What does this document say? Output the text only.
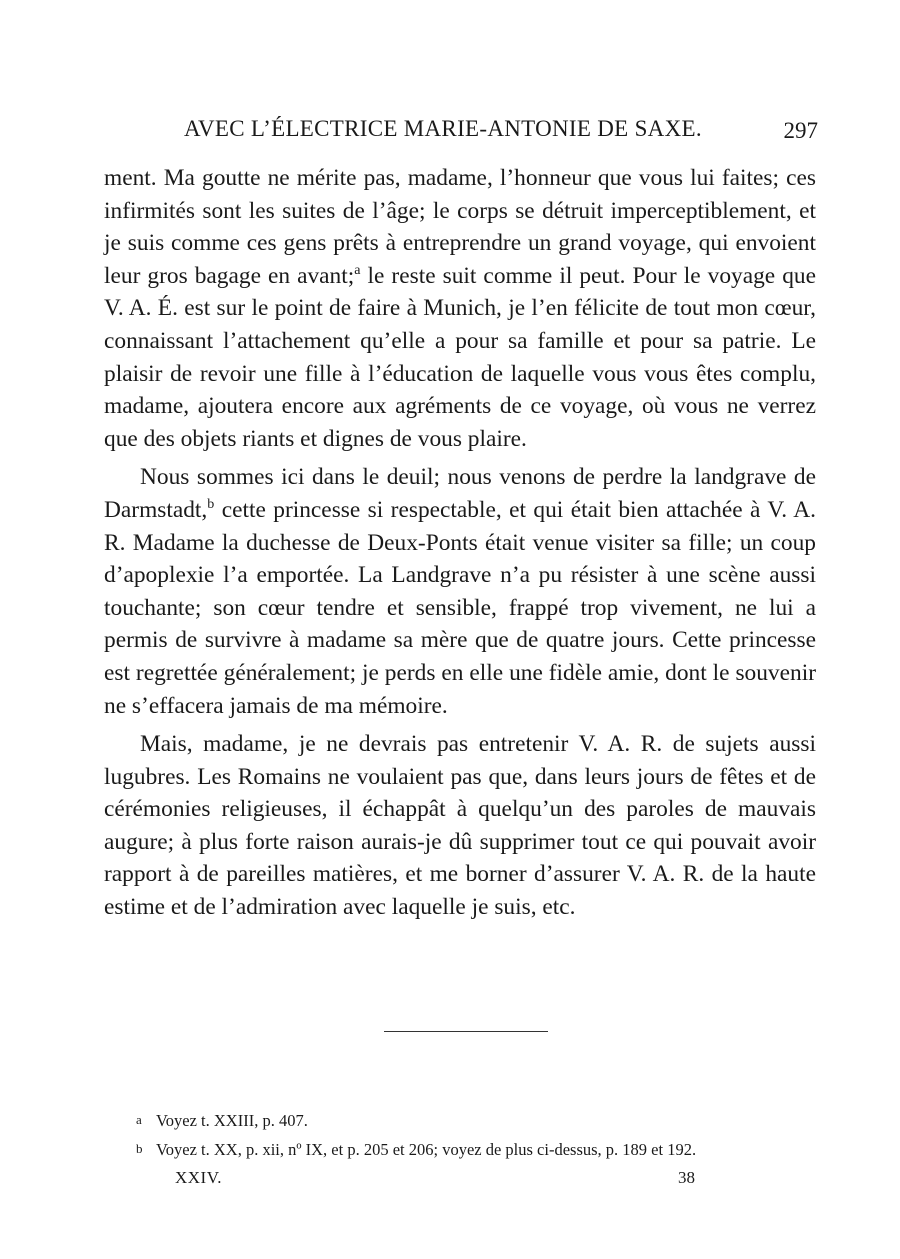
AVEC L’ÉLECTRICE MARIE-ANTONIE DE SAXE.	297

ment. Ma goutte ne mérite pas, madame, l’honneur que vous lui faites; ces infirmités sont les suites de l’âge; le corps se détruit imperceptiblement, et je suis comme ces gens prêts à entreprendre un grand voyage, qui envoient leur gros bagage en avant;$^a$ le reste suit comme il peut. Pour le voyage que V. A. É. est sur le point de faire à Munich, je l’en félicite de tout mon cœur, connaissant l’attachement qu’elle a pour sa famille et pour sa patrie. Le plaisir de revoir une fille à l’éducation de laquelle vous vous êtes complu, madame, ajoutera encore aux agréments de ce voyage, où vous ne verrez que des objets riants et dignes de vous plaire.

Nous sommes ici dans le deuil; nous venons de perdre la landgrave de Darmstadt,$^b$ cette princesse si respectable, et qui était bien attachée à V. A. R. Madame la duchesse de Deux-Ponts était venue visiter sa fille; un coup d’apoplexie l’a emportée. La Landgrave n’a pu résister à une scène aussi touchante; son cœur tendre et sensible, frappé trop vivement, ne lui a permis de survivre à madame sa mère que de quatre jours. Cette princesse est regrettée généralement; je perds en elle une fidèle amie, dont le souvenir ne s’effacera jamais de ma mémoire.

Mais, madame, je ne devrais pas entretenir V. A. R. de sujets aussi lugubres. Les Romains ne voulaient pas que, dans leurs jours de fêtes et de cérémonies religieuses, il échappât à quelqu’un des paroles de mauvais augure; à plus forte raison aurais-je dû supprimer tout ce qui pouvait avoir rapport à de pareilles matières, et me borner d’assurer V. A. R. de la haute estime et de l’admiration avec laquelle je suis, etc.

a Voyez t. XXIII, p. 407.
b Voyez t. XX, p. xii, nº IX, et p. 205 et 206; voyez de plus ci-dessus, p. 189 et 192.
XXIV.	38
